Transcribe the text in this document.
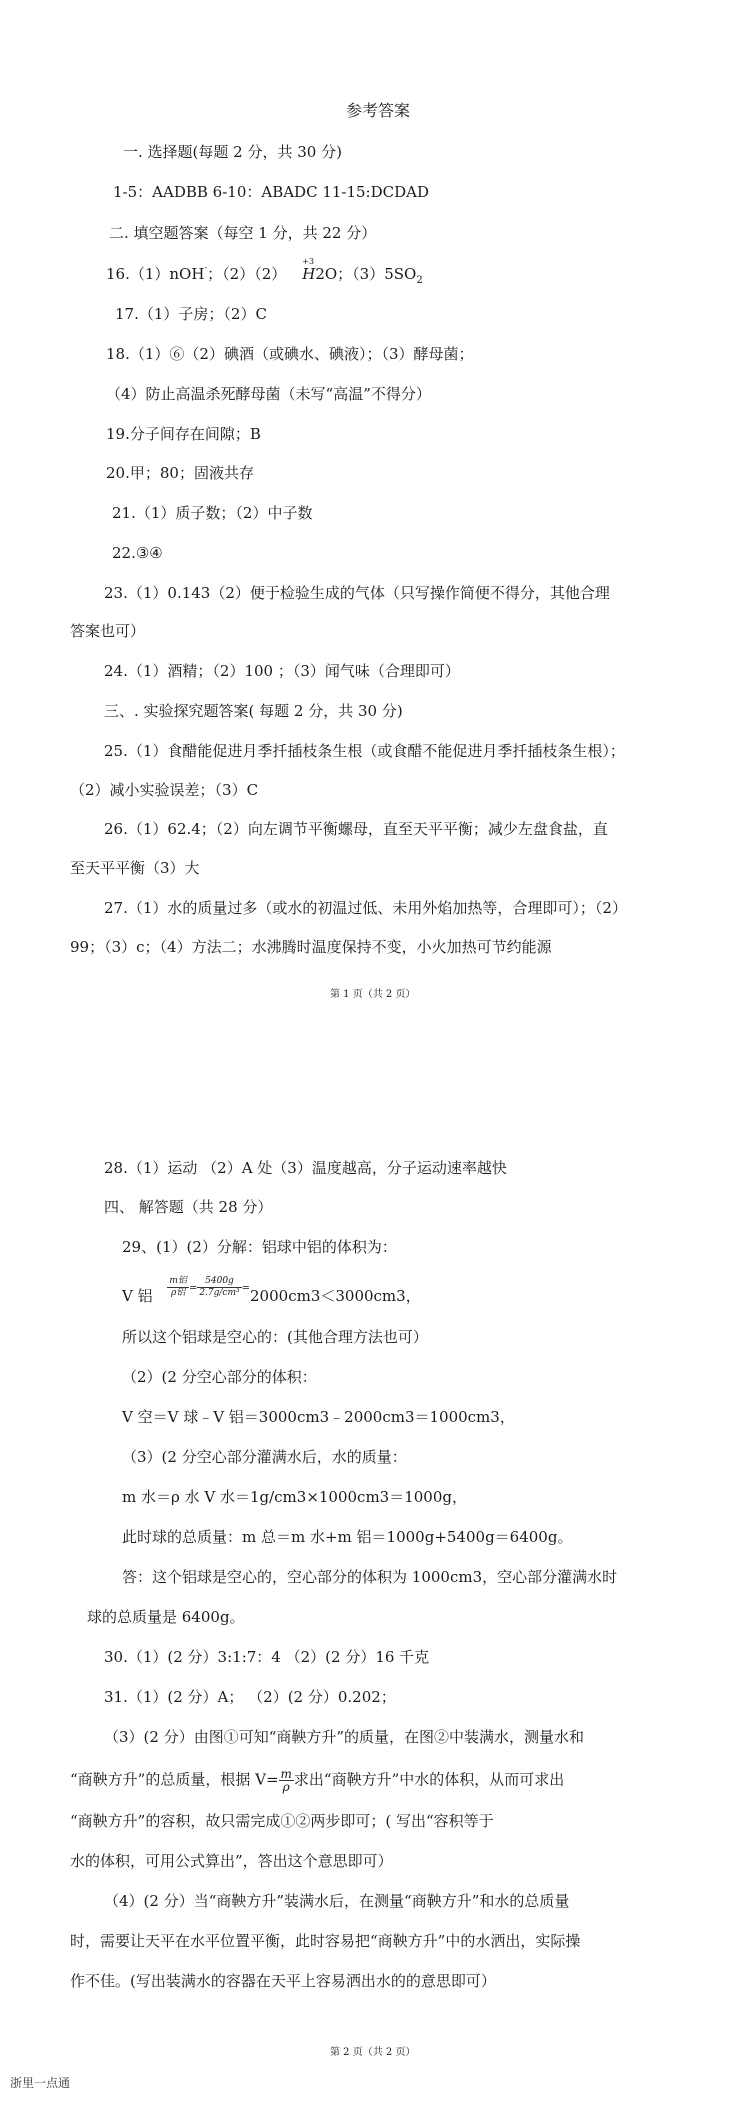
参考答案
一. 选择题(每题 2 分，共 30 分)
1-5：AADBB 6-10：ABADC 11-15:DCDAD
二. 填空题答案（每空 1 分，共 22 分）
16.（1）nOH-；（2）（2）
+3
H2O；$(3)5SO_2$
17.（1）子房；（2）C
18.（1）⑥（2）碘酒（或碘水、碘液）；（3）酵母菌；
（4）防止高温杀死酵母菌（未写“高温”不得分）
19.分子间存在间隙；B
20.甲；80；固液共存
21.（1）质子数；（2）中子数
22.③④
23.（1）0.143（2）便于检验生成的气体（只写操作简便不得分，其他合理
答案也可）
24.（1）酒精；（2）100 ；（3）闻气味（合理即可）
三、. 实验探究题答案( 每题 2 分，共 30 分)
25.（1）食醋能促进月季扦插枝条生根（或食醋不能促进月季扦插枝条生根）；
（2）减小实验误差；（3）C
26.（1）62.4；（2）向左调节平衡螺母，直至天平平衡；减少左盘食盐，直
至天平平衡（3）大
27.（1）水的质量过多（或水的初温过低、未用外焰加热等，合理即可）；（2）
99；（3）c；（4）方法二；水沸腾时温度保持不变，小火加热可节约能源
第 1 页（共 2 页）
28.（1）运动 （2）A 处（3）温度越高，分子运动速率越快
四、 解答题（共 28 分）
29、(1）(2）分解：铝球中铝的体积为：
V 铝 $\frac{\text{m铝}}{\text{ρ铝}} ^= \frac{5400g}{\text{2.7g/cm³}} ^=2000cm3<3000cm3$，
所以这个铝球是空心的：(其他合理方法也可）
（2）(2 分空心部分的体积：
V 空＝V 球﹣V 铝＝3000cm3﹣2000cm3＝1000cm3，
（3）(2 分空心部分灌满水后，水的质量：
m 水＝ρ 水 V 水＝1g/cm3×1000cm3＝1000g，
此时球的总质量：m 总＝m 水+m 铝＝1000g+5400g＝6400g。
答：这个铝球是空心的，空心部分的体积为 1000cm3，空心部分灌满水时
球的总质量是 6400g。
30.（1）(2 分）3:1:7：4 （2）(2 分）16 千克
31.（1）(2 分）A； （2）(2 分）0.202；
（3）(2 分）由图①可知“商鞅方升”的质量，在图②中装满水，测量水和
“商鞅方升”的总质量，根据 $V= \frac{m}{\rho}$ 求出“商鞅方升”中水的体积，从而可求出
“商鞅方升”的容积，故只需完成①②两步即可；( 写出“容积等于
水的体积，可用公式算出”，答出这个意思即可）
（4）(2 分）当“商鞅方升”装满水后，在测量“商鞅方升”和水的总质量
时，需要让天平在水平位置平衡，此时容易把“商鞅方升”中的水洒出，实际操
作不佳。(写出装满水的容器在天平上容易洒出水的的意思即可）
第 2 页（共 2 页）
浙里一点通
